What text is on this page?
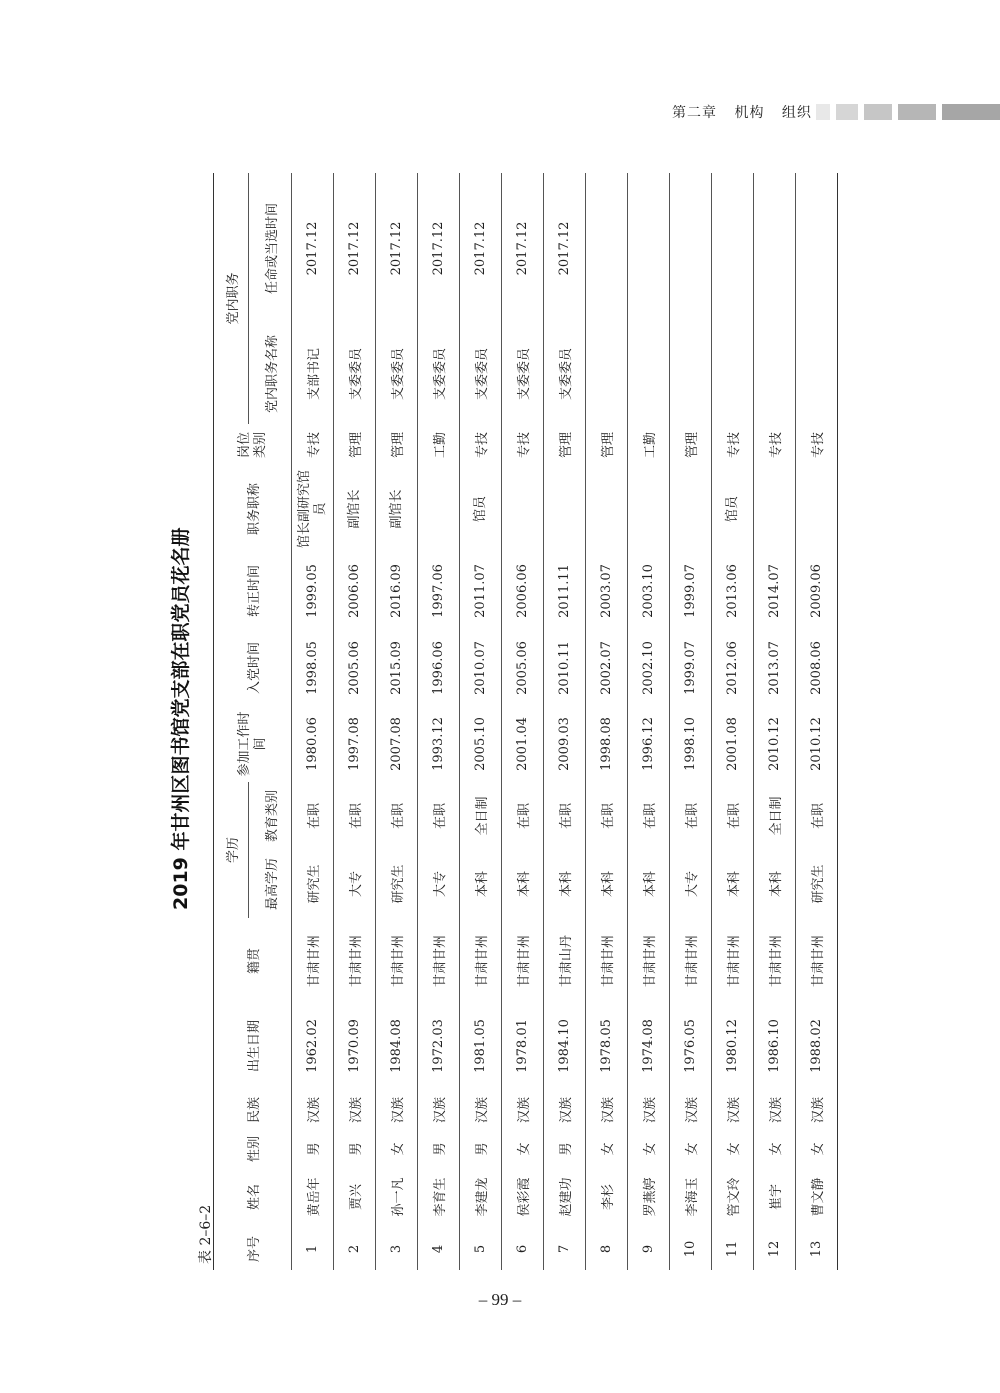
第二章 机构 组织
2019 年甘州区图书馆党支部在职党员花名册
表 2–6–2	序号	姓名	性别	民族	出生日期	籍贯	学历		参加工作时间	入党时间	转正时间	职务职称	岗位类别	党内职务	
						最高学历	教育类别						党内职务名称	任命或当选时间
1	黄岳年	男	汉族	1962.02	甘肃甘州	研究生	在职	1980.06	1998.05	1999.05	馆长副研究馆员	专技	支部书记	2017.12
2	贾兴	男	汉族	1970.09	甘肃甘州	大专	在职	1997.08	2005.06	2006.06	副馆长	管理	支委委员	2017.12
3	孙一凡	女	汉族	1984.08	甘肃甘州	研究生	在职	2007.08	2015.09	2016.09	副馆长	管理	支委委员	2017.12
4	李育生	男	汉族	1972.03	甘肃甘州	大专	在职	1993.12	1996.06	1997.06		工勤	支委委员	2017.12
5	李建龙	男	汉族	1981.05	甘肃甘州	本科	全日制	2005.10	2010.07	2011.07	馆员	专技	支委委员	2017.12
6	侯彩霞	女	汉族	1978.01	甘肃甘州	本科	在职	2001.04	2005.06	2006.06		专技	支委委员	2017.12
7	赵建功	男	汉族	1984.10	甘肃山丹	本科	在职	2009.03	2010.11	2011.11		管理	支委委员	2017.12
8	李杉	女	汉族	1978.05	甘肃甘州	本科	在职	1998.08	2002.07	2003.07		管理		
9	罗燕婷	女	汉族	1974.08	甘肃甘州	本科	在职	1996.12	2002.10	2003.10		工勤		
10	李海玉	女	汉族	1976.05	甘肃甘州	大专	在职	1998.10	1999.07	1999.07		管理		
11	管文玲	女	汉族	1980.12	甘肃甘州	本科	在职	2001.08	2012.06	2013.06	馆员	专技		
12	崔宇	女	汉族	1986.10	甘肃甘州	本科	全日制	2010.12	2013.07	2014.07		专技		
13	曹文静	女	汉族	1988.02	甘肃甘州	研究生	在职	2010.12	2008.06	2009.06		专技		
– 99 –
